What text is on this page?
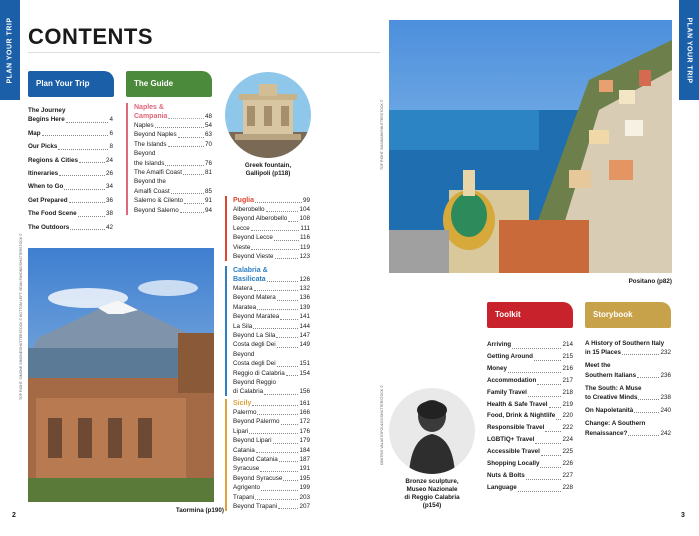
PLAN YOUR TRIP	PLAN YOUR TRIP
CONTENTS
Plan Your Trip	The Guide
The Journey
Begins Here	4
Map	6
Our Picks	8
Regions & Cities	24
Itineraries	26
When to Go	34
Get Prepared	36
The Food Scene	38
The Outdoors	42
Naples &
Campania	48
Naples	54
Beyond Naples	63
The Islands	70
Beyond
the Islands	76
The Amalfi Coast	81
Beyond the
Amalfi Coast	85
Salerno & Cilento	91
Beyond Salerno	94
Greek fountain,
Gallipoli (p118)
Puglia	99
Alberobello	104
Beyond Alberobello 108
Lecce	111
Beyond Lecce	116
Vieste	119
Beyond Vieste	123
Calabria &
Basilicata	126
Matera	132
Beyond Matera	136
Maratea	139
Beyond Maratea	141
La Sila	144
Beyond La Sila	147
Costa degli Dei	149
Beyond
Costa degli Dei	151
Reggio di Calabria 154
Beyond Reggio
di Calabria	156
Sicily	161
Palermo	166
Beyond Palermo	172
Lipari	176
Beyond Lipari	179
Catania	184
Beyond Catania	187
Syracuse	191
Beyond Syracuse	195
Agrigento	199
Trapani	203
Beyond Trapani	207
TOP RIGHT: SIMONE SIMONE/SHUTTERSTOCK © BOTTOM LEFT: SEAN PAVONE/SHUTTERSTOCK ©
Taormina (p190)
2
TOP RIGHT: MAXIMUM/SHUTTERSTOCK ©
Positano (p82)
Bronze sculpture,
Museo Nazionale
di Reggio Calabria
(p154)
DIMITRIS VALASTOPOULOS/SHUTTERSTOCK ©
Toolkit	Storybook
Arriving	214
Getting Around	215
Money	216
Accommodation	217
Family Travel	218
Health & Safe Travel 219
Food, Drink & Nightlife 220
Responsible Travel	222
LGBTIQ+ Travel	224
Accessible Travel	225
Shopping Locally	226
Nuts & Bolts	227
Language	228
A History of Southern Italy
in 15 Places	232
Meet the
Southern Italians	236
The South: A Muse
to Creative Minds	238
On Napoletanità	240
Change: A Southern
Renaissance?	242
3
